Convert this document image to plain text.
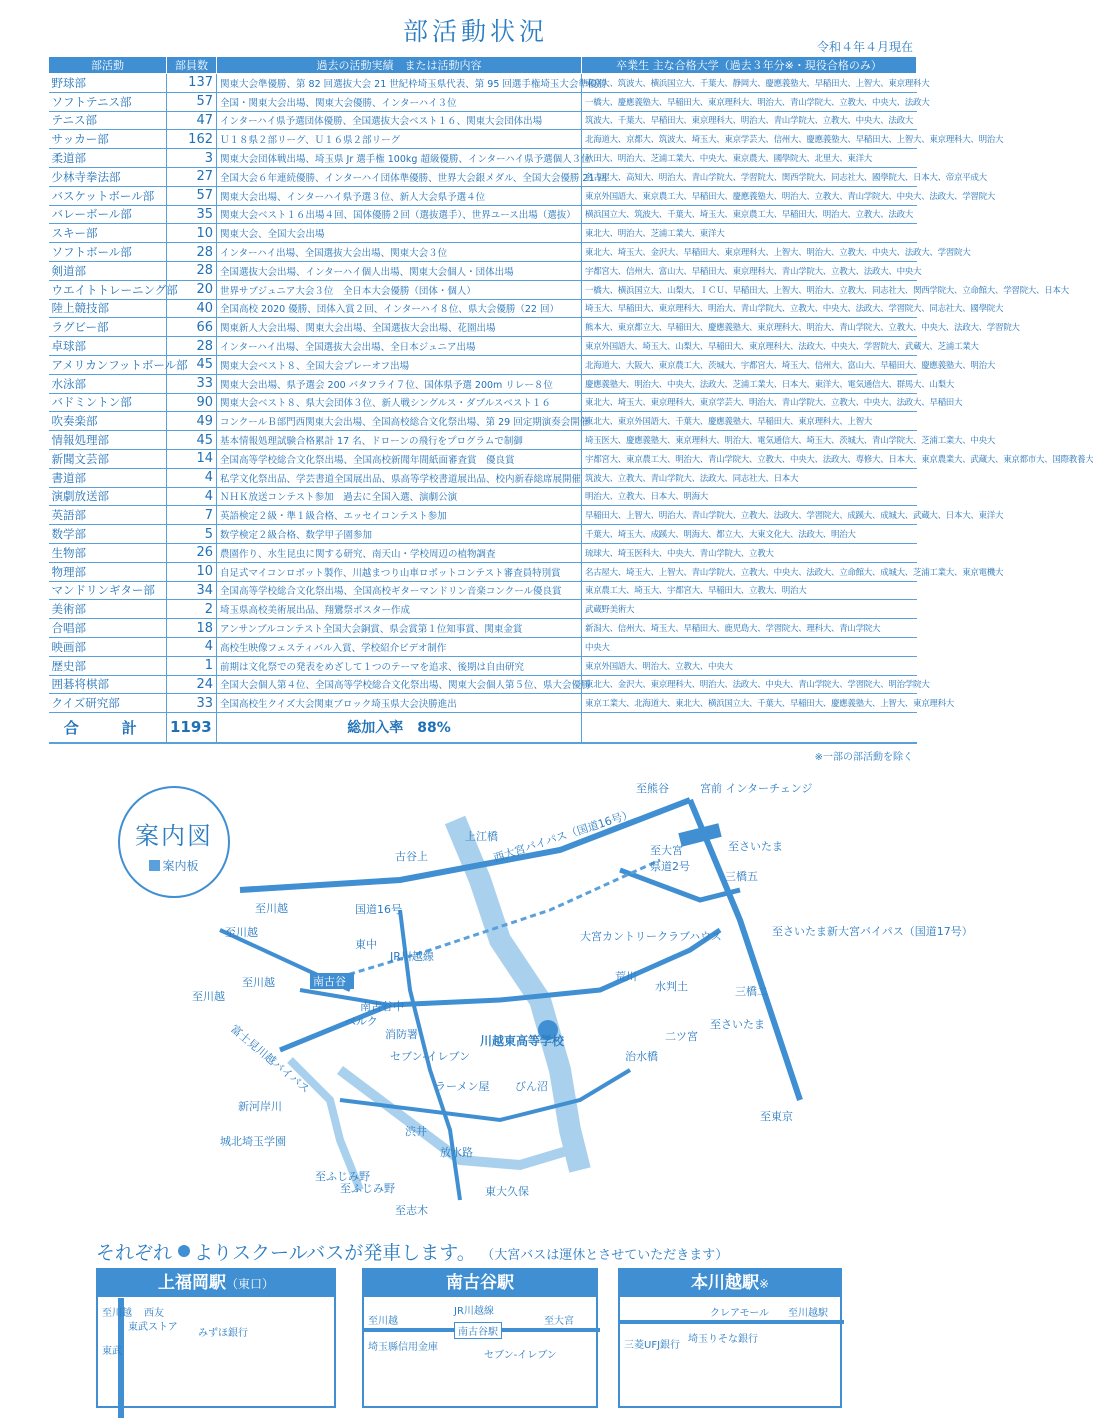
部活動状況
令和４年４月現在
部活動	部員数	過去の活動実績　または活動内容	卒業生 主な合格大学（過去３年分※・現役合格のみ）
野球部	137	関東大会準優勝、第 82 回選抜大会 21 世紀枠埼玉県代表、第 95 回選手権埼玉大会準優勝	東京大、筑波大、横浜国立大、千葉大、静岡大、慶應義塾大、早稲田大、上智大、東京理科大
ソフトテニス部	57	全国・関東大会出場、関東大会優勝、インターハイ３位	一橋大、慶應義塾大、早稲田大、東京理科大、明治大、青山学院大、立教大、中央大、法政大
テニス部	47	インターハイ県予選団体優勝、全国選抜大会ベスト１６、関東大会団体出場	筑波大、千葉大、早稲田大、東京理科大、明治大、青山学院大、立教大、中央大、法政大
サッカー部	162	Ｕ１８県２部リーグ、Ｕ１６県２部リーグ	北海道大、京都大、筑波大、埼玉大、東京学芸大、信州大、慶應義塾大、早稲田大、上智大、東京理科大、明治大
柔道部	3	関東大会団体戦出場、埼玉県 Jr 選手権 100kg 超級優勝、インターハイ県予選個人３位	秋田大、明治大、芝浦工業大、中央大、東京農大、國學院大、北里大、東洋大
少林寺拳法部	27	全国大会６年連続優勝、インターハイ団体準優勝、世界大会銀メダル、全国大会優勝 21 回	名古屋大、高知大、明治大、青山学院大、学習院大、関西学院大、同志社大、國學院大、日本大、帝京平成大
バスケットボール部	57	関東大会出場、インターハイ県予選３位、新人大会県予選４位	東京外国語大、東京農工大、早稲田大、慶應義塾大、明治大、立教大、青山学院大、中央大、法政大、学習院大
バレーボール部	35	関東大会ベスト１６出場４回、国体優勝２回（選抜選手）、世界ユース出場（選抜）	横浜国立大、筑波大、千葉大、埼玉大、東京農工大、早稲田大、明治大、立教大、法政大
スキー部	10	関東大会、全国大会出場	東北大、明治大、芝浦工業大、東洋大
ソフトボール部	28	インターハイ出場、全国選抜大会出場、関東大会３位	東北大、埼玉大、金沢大、早稲田大、東京理科大、上智大、明治大、立教大、中央大、法政大、学習院大
剣道部	28	全国選抜大会出場、インターハイ個人出場、関東大会個人・団体出場	宇都宮大、信州大、富山大、早稲田大、東京理科大、青山学院大、立教大、法政大、中央大
ウエイトトレーニング部	20	世界サブジュニア大会３位　全日本大会優勝（団体・個人）	一橋大、横浜国立大、山梨大、ＩＣＵ、早稲田大、上智大、明治大、立教大、同志社大、関西学院大、立命館大、学習院大、日本大
陸上競技部	40	全国高校 2020 優勝、団体入賞２回、インターハイ８位、県大会優勝（22 回）	埼玉大、早稲田大、東京理科大、明治大、青山学院大、立教大、中央大、法政大、学習院大、同志社大、國學院大
ラグビー部	66	関東新人大会出場、関東大会出場、全国選抜大会出場、花園出場	熊本大、東京都立大、早稲田大、慶應義塾大、東京理科大、明治大、青山学院大、立教大、中央大、法政大、学習院大
卓球部	28	インターハイ出場、全国選抜大会出場、全日本ジュニア出場	東京外国語大、埼玉大、山梨大、早稲田大、東京理科大、法政大、中央大、学習院大、武蔵大、芝浦工業大
アメリカンフットボール部	45	関東大会ベスト８、全国大会プレーオフ出場	北海道大、大阪大、東京農工大、茨城大、宇都宮大、埼玉大、信州大、富山大、早稲田大、慶應義塾大、明治大
水泳部	33	関東大会出場、県予選会 200 バタフライ７位、国体県予選 200m リレー８位	慶應義塾大、明治大、中央大、法政大、芝浦工業大、日本大、東洋大、電気通信大、群馬大、山梨大
バドミントン部	90	関東大会ベスト８、県大会団体３位、新人戦シングルス・ダブルスベスト１６	東北大、埼玉大、東京理科大、東京学芸大、明治大、青山学院大、立教大、中央大、法政大、早稲田大
吹奏楽部	49	コンクールＢ部門西関東大会出場、全国高校総合文化祭出場、第 29 回定期演奏会開催	東北大、東京外国語大、千葉大、慶應義塾大、早稲田大、東京理科大、上智大
情報処理部	45	基本情報処理試験合格累計 17 名、ドローンの飛行をプログラムで制御	埼玉医大、慶應義塾大、東京理科大、明治大、電気通信大、埼玉大、茨城大、青山学院大、芝浦工業大、中央大
新聞文芸部	14	全国高等学校総合文化祭出場、全国高校新聞年間紙面審査賞　優良賞	宇都宮大、東京農工大、明治大、青山学院大、立教大、中央大、法政大、専修大、日本大、東京農業大、武蔵大、東京都市大、国際教養大
書道部	4	私学文化祭出品、学芸書道全国展出品、県高等学校書道展出品、校内新春総席展開催	筑波大、立教大、青山学院大、法政大、同志社大、日本大
演劇放送部	4	ＮＨＫ放送コンテスト参加　過去に全国入選、演劇公演	明治大、立教大、日本大、明海大
英語部	7	英語検定２級・準１級合格、エッセイコンテスト参加	早稲田大、上智大、明治大、青山学院大、立教大、法政大、学習院大、成蹊大、成城大、武蔵大、日本大、東洋大
数学部	5	数学検定２級合格、数学甲子園参加	千葉大、埼玉大、成蹊大、明海大、都立大、大東文化大、法政大、明治大
生物部	26	農園作り、水生昆虫に関する研究、南天山・学校周辺の植物調査	琉球大、埼玉医科大、中央大、青山学院大、立教大
物理部	10	自足式マイコンロボット製作、川越まつり山車ロボットコンテスト審査員特別賞	名古屋大、埼玉大、上智大、青山学院大、立教大、中央大、法政大、立命館大、成城大、芝浦工業大、東京電機大
マンドリンギター部	34	全国高等学校総合文化祭出場、全国高校ギターマンドリン音楽コンクール優良賞	東京農工大、埼玉大、宇都宮大、早稲田大、立教大、明治大
美術部	2	埼玉県高校美術展出品、翔鸞祭ポスター作成	武蔵野美術大
合唱部	18	アンサンブルコンテスト全国大会銅賞、県会賞第１位知事賞、関東金賞	新潟大、信州大、埼玉大、早稲田大、鹿児島大、学習院大、理科大、青山学院大
映画部	4	高校生映像フェスティバル入賞、学校紹介ビデオ制作	中央大
歴史部	1	前期は文化祭での発表をめざして１つのテーマを追求、後期は自由研究	東京外国語大、明治大、立教大、中央大
囲碁将棋部	24	全国大会個人第４位、全国高等学校総合文化祭出場、関東大会個人第５位、県大会優勝	東北大、金沢大、東京理科大、明治大、法政大、中央大、青山学院大、学習院大、明治学院大
クイズ研究部	33	全国高校生クイズ大会関東ブロック埼玉県大会決勝進出	東京工業大、北海道大、東北大、横浜国立大、千葉大、早稲田大、慶應義塾大、上智大、東京理科大
合　計	1193	総加入率　88%	
※一部の部活動を除く
至熊谷	宮前 インターチェンジ
西大宮バイパス（国道16号） 至大宮
県道2号
至さいたま
上江橋
古谷上
国道16号
至川越
至川越
至川越
至川越
東中
JR川越線
南古谷
大宮カントリークラブハウス
荒川
三橋五
水判土
至さいたま
至さいたま新大宮バイパス（国道17号）
三橋二
二ツ宮
治水橋
至東京
川越東高等学校
セブン-イレブン
消防署
南古谷中
ベルク
ラーメン屋 びん沼
富士見川越バイパス
新河岸川
城北埼玉学園
渋井
放水路
至ふじみ野
至ふじみ野
至志木
東大久保
案内図
案内板
それぞれ よりスクールバスが発車します。 （大宮バスは運休とさせていただきます）
上福岡駅（東口）
至川越 西友
東武ストア
みずほ銀行
東武
南古谷駅
JR川越線
至川越	至大宮
南古谷駅
埼玉縣信用金庫
セブン-イレブン
本川越駅※
クレアモール 至川越駅
三菱UFJ銀行
埼玉りそな銀行
